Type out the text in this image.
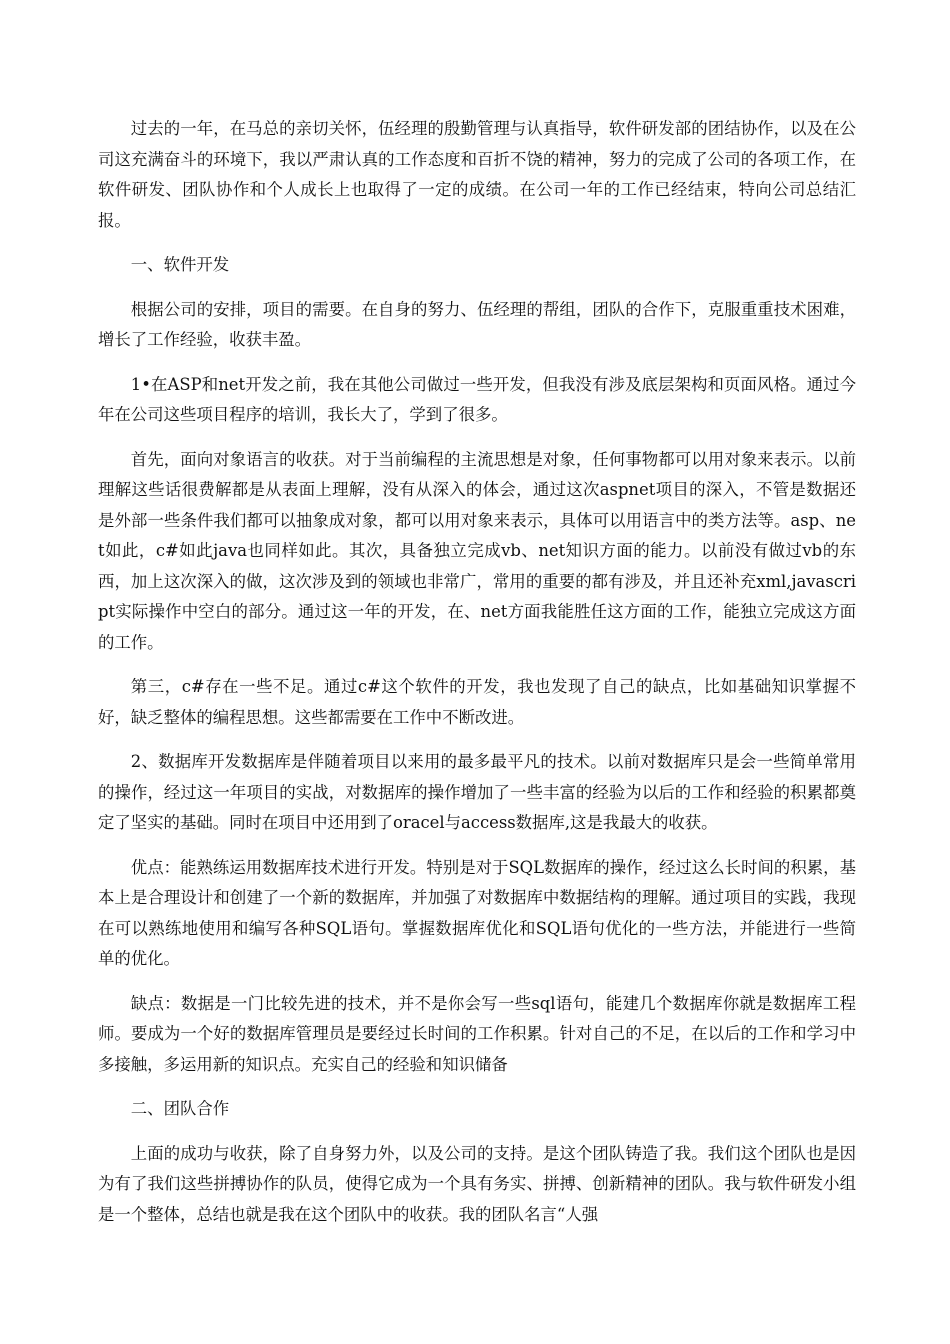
过去的一年，在马总的亲切关怀，伍经理的殷勤管理与认真指导，软件研发部的团结协作，以及在公司这充满奋斗的环境下，我以严肃认真的工作态度和百折不饶的精神，努力的完成了公司的各项工作，在软件研发、团队协作和个人成长上也取得了一定的成绩。在公司一年的工作已经结束，特向公司总结汇报。

一、软件开发

根据公司的安排，项目的需要。在自身的努力、伍经理的帮组，团队的合作下，克服重重技术困难，增长了工作经验，收获丰盈。

1•在ASP和net开发之前，我在其他公司做过一些开发，但我没有涉及底层架构和页面风格。通过今年在公司这些项目程序的培训，我长大了，学到了很多。

首先，面向对象语言的收获。对于当前编程的主流思想是对象，任何事物都可以用对象来表示。以前理解这些话很费解都是从表面上理解，没有从深入的体会，通过这次aspnet项目的深入，不管是数据还是外部一些条件我们都可以抽象成对象，都可以用对象来表示，具体可以用语言中的类方法等。asp、net如此，c#如此java也同样如此。其次，具备独立完成vb、net知识方面的能力。以前没有做过vb的东西，加上这次深入的做，这次涉及到的领域也非常广，常用的重要的都有涉及，并且还补充xml,javascript实际操作中空白的部分。通过这一年的开发，在、net方面我能胜任这方面的工作，能独立完成这方面的工作。

第三，c#存在一些不足。通过c#这个软件的开发，我也发现了自己的缺点，比如基础知识掌握不好，缺乏整体的编程思想。这些都需要在工作中不断改进。

2、数据库开发数据库是伴随着项目以来用的最多最平凡的技术。以前对数据库只是会一些简单常用的操作，经过这一年项目的实战，对数据库的操作增加了一些丰富的经验为以后的工作和经验的积累都奠定了坚实的基础。同时在项目中还用到了oracel与access数据库,这是我最大的收获。

优点：能熟练运用数据库技术进行开发。特别是对于SQL数据库的操作，经过这么长时间的积累，基本上是合理设计和创建了一个新的数据库，并加强了对数据库中数据结构的理解。通过项目的实践，我现在可以熟练地使用和编写各种SQL语句。掌握数据库优化和SQL语句优化的一些方法，并能进行一些简单的优化。

缺点：数据是一门比较先进的技术，并不是你会写一些sql语句，能建几个数据库你就是数据库工程师。要成为一个好的数据库管理员是要经过长时间的工作积累。针对自己的不足，在以后的工作和学习中多接触，多运用新的知识点。充实自己的经验和知识储备

二、团队合作

上面的成功与收获，除了自身努力外，以及公司的支持。是这个团队铸造了我。我们这个团队也是因为有了我们这些拼搏协作的队员，使得它成为一个具有务实、拼搏、创新精神的团队。我与软件研发小组是一个整体，总结也就是我在这个团队中的收获。我的团队名言“人强
